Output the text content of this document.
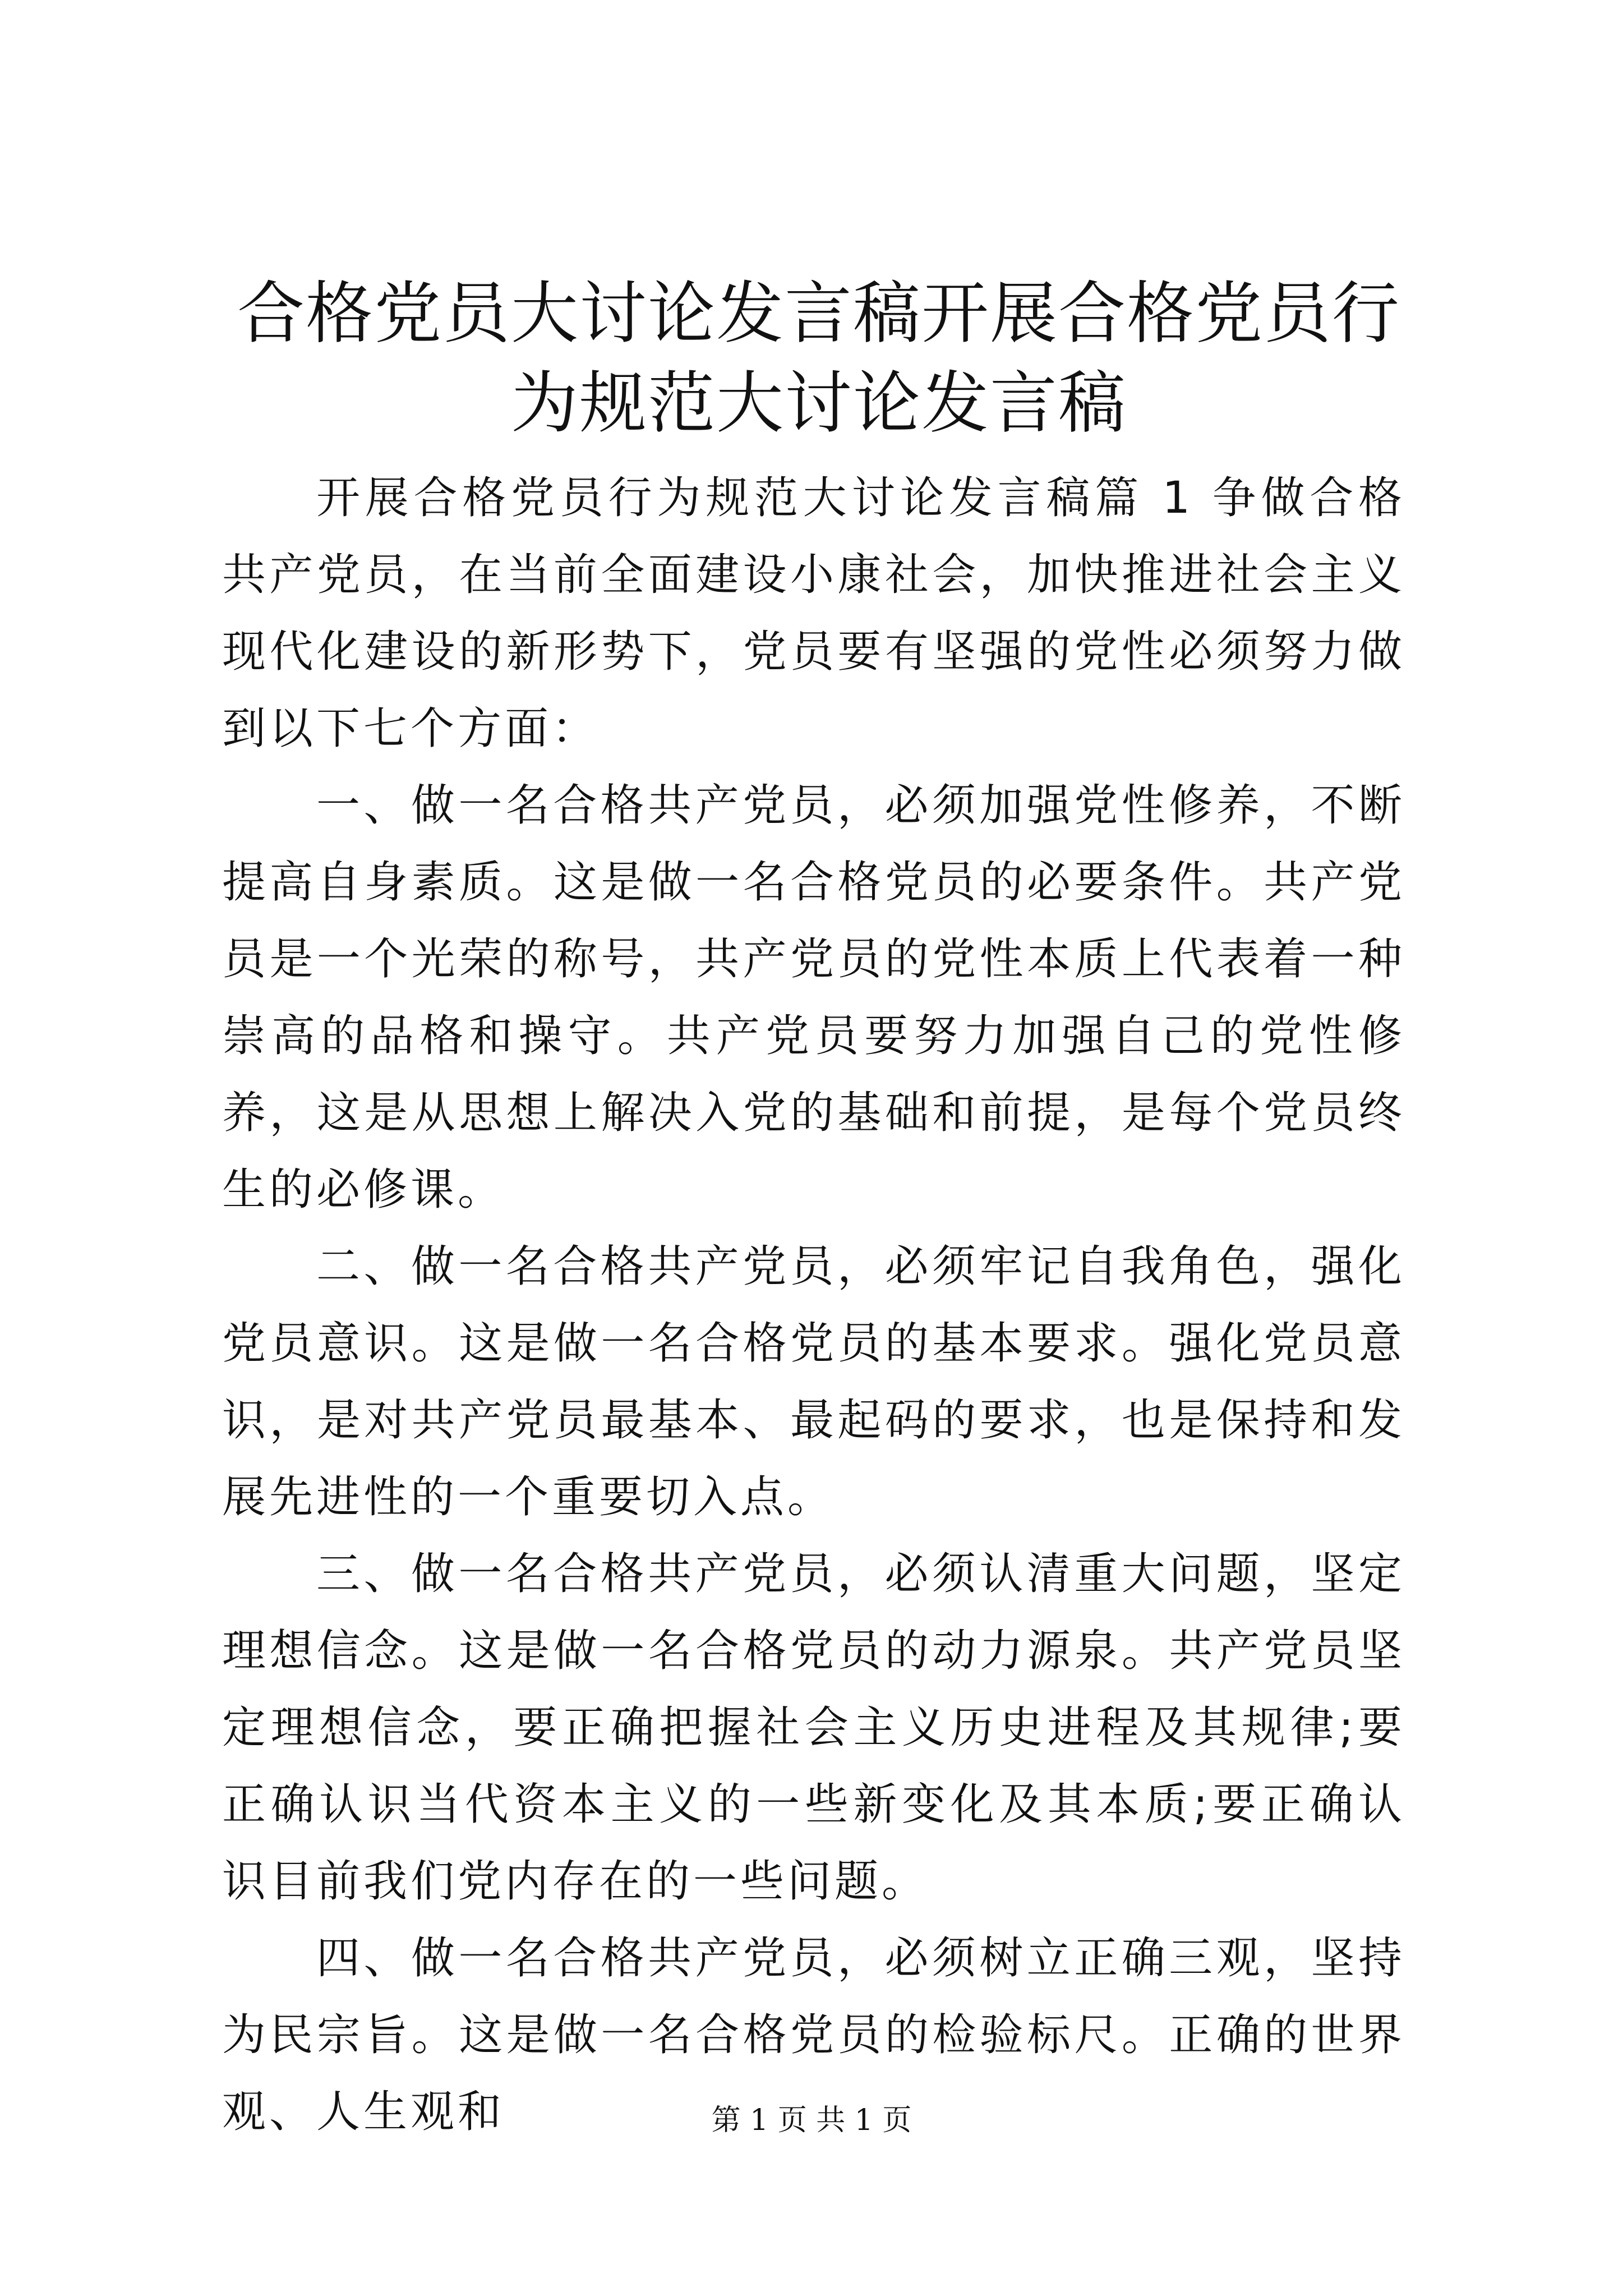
合格党员大讨论发言稿开展合格党员行为规范大讨论发言稿

开展合格党员行为规范大讨论发言稿篇 1 争做合格共产党员，在当前全面建设小康社会，加快推进社会主义现代化建设的新形势下，党员要有坚强的党性必须努力做到以下七个方面：

一、做一名合格共产党员，必须加强党性修养，不断提高自身素质。这是做一名合格党员的必要条件。共产党员是一个光荣的称号，共产党员的党性本质上代表着一种崇高的品格和操守。共产党员要努力加强自己的党性修养，这是从思想上解决入党的基础和前提，是每个党员终生的必修课。

二、做一名合格共产党员，必须牢记自我角色，强化党员意识。这是做一名合格党员的基本要求。强化党员意识，是对共产党员最基本、最起码的要求，也是保持和发展先进性的一个重要切入点。

三、做一名合格共产党员，必须认清重大问题，坚定理想信念。这是做一名合格党员的动力源泉。共产党员坚定理想信念，要正确把握社会主义历史进程及其规律;要正确认识当代资本主义的一些新变化及其本质;要正确认识目前我们党内存在的一些问题。

四、做一名合格共产党员，必须树立正确三观，坚持为民宗旨。这是做一名合格党员的检验标尺。正确的世界观、人生观和	第 1 页 共 1 页
